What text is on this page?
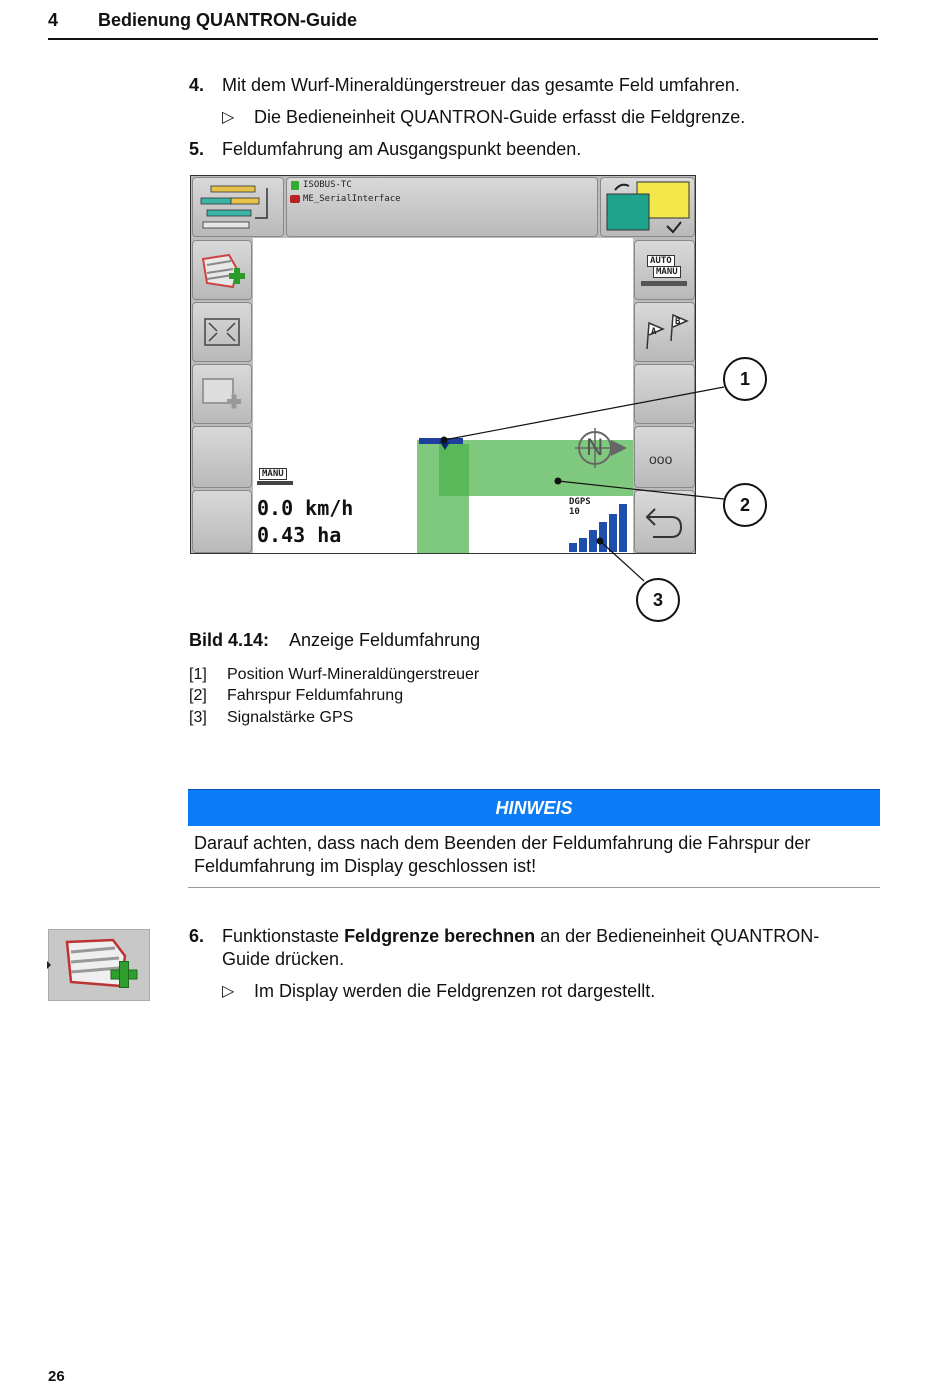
4 Bedienung QUANTRON-Guide
4. Mit dem Wurf-Mineraldüngerstreuer das gesamte Feld umfahren.
▷ Die Bedieneinheit QUANTRON-Guide erfasst die Feldgrenze.
5. Feldumfahrung am Ausgangspunkt beenden.
ISOBUS-TC
ME_SerialInterface
AUTO
MANU
A
B
ooo
N
MANU
0.0 km/h
0.43 ha
DGPS
10
1
2
3
Bild 4.14: Anzeige Feldumfahrung
[1] Position Wurf-Mineraldüngerstreuer
[2] Fahrspur Feldumfahrung
[3] Signalstärke GPS
HINWEIS
Darauf achten, dass nach dem Beenden der Feldumfahrung die Fahrspur der
Feldumfahrung im Display geschlossen ist!
6. Funktionstaste Feldgrenze berechnen an der Bedieneinheit QUANTRON-
Guide drücken.
▷ Im Display werden die Feldgrenzen rot dargestellt.
26
